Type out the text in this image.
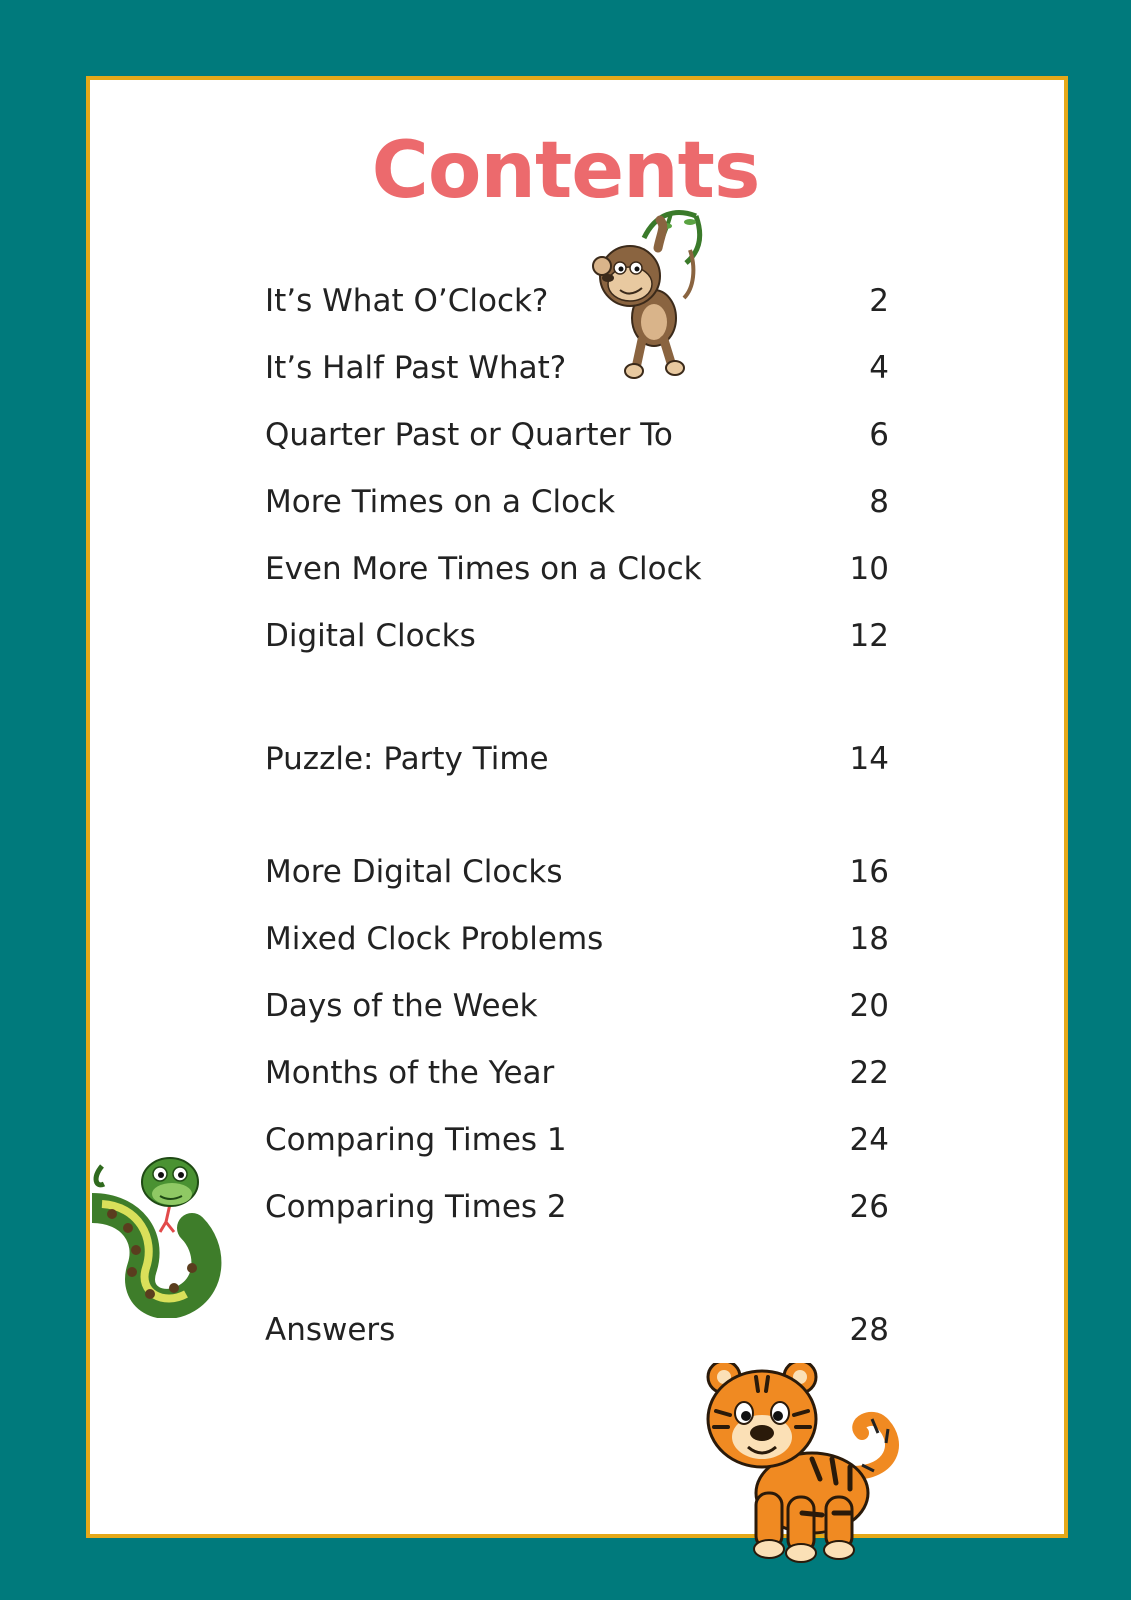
Contents
It’s What O’Clock?	2
It’s Half Past What?	4
Quarter Past or Quarter To	6
More Times on a Clock	8
Even More Times on a Clock	10
Digital Clocks	12
Puzzle: Party Time	14
More Digital Clocks	16
Mixed Clock Problems	18
Days of the Week	20
Months of the Year	22
Comparing Times 1	24
Comparing Times 2	26
Answers	28
